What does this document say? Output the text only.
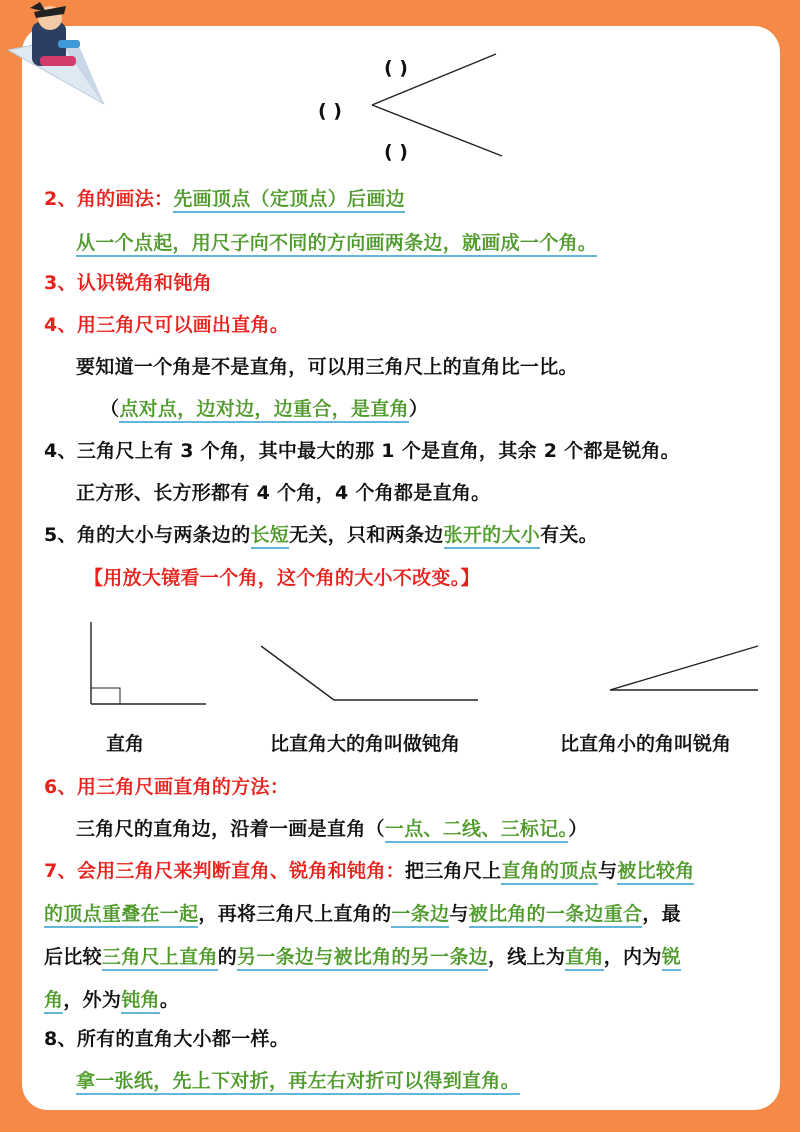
( )
( )
( )
2、角的画法：先画顶点（定顶点）后画边
从一个点起，用尺子向不同的方向画两条边，就画成一个角。
3、认识锐角和钝角
4、用三角尺可以画出直角。
要知道一个角是不是直角，可以用三角尺上的直角比一比。
（点对点，边对边，边重合，是直角）
4、三角尺上有 3 个角，其中最大的那 1 个是直角，其余 2 个都是锐角。
正方形、长方形都有 4 个角，4 个角都是直角。
5、角的大小与两条边的长短无关，只和两条边张开的大小有关。
【用放大镜看一个角，这个角的大小不改变。】
直角	比直角大的角叫做钝角	比直角小的角叫锐角
6、用三角尺画直角的方法：
三角尺的直角边，沿着一画是直角（一点、二线、三标记。）
7、会用三角尺来判断直角、锐角和钝角：把三角尺上直角的顶点与被比较角
的顶点重叠在一起，再将三角尺上直角的一条边与被比角的一条边重合，最
后比较三角尺上直角的另一条边与被比角的另一条边，线上为直角，内为锐
角，外为钝角。
8、所有的直角大小都一样。
拿一张纸，先上下对折，再左右对折可以得到直角。
